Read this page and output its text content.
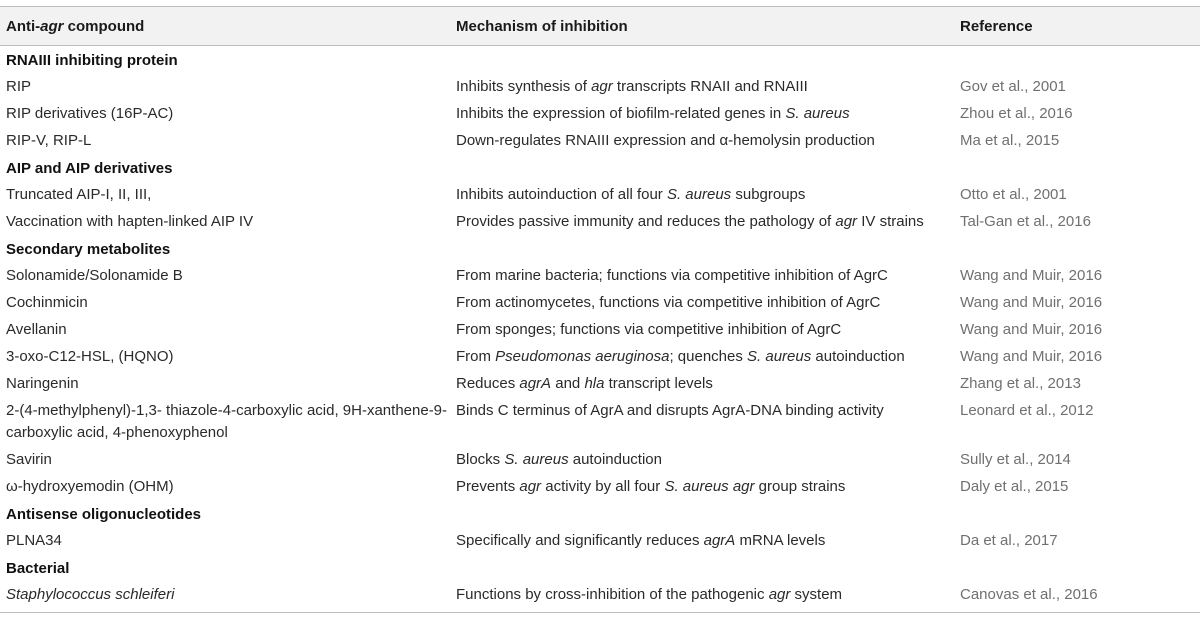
Anti-agr compound	Mechanism of inhibition	Reference
RNAIII inhibiting protein		
RIP	Inhibits synthesis of agr transcripts RNAII and RNAIII	Gov et al., 2001
RIP derivatives (16P-AC)	Inhibits the expression of biofilm-related genes in S. aureus	Zhou et al., 2016
RIP-V, RIP-L	Down-regulates RNAIII expression and α-hemolysin production	Ma et al., 2015
AIP and AIP derivatives		
Truncated AIP-I, II, III,	Inhibits autoinduction of all four S. aureus subgroups	Otto et al., 2001
Vaccination with hapten-linked AIP IV	Provides passive immunity and reduces the pathology of agr IV strains	Tal-Gan et al., 2016
Secondary metabolites		
Solonamide/Solonamide B	From marine bacteria; functions via competitive inhibition of AgrC	Wang and Muir, 2016
Cochinmicin	From actinomycetes, functions via competitive inhibition of AgrC	Wang and Muir, 2016
Avellanin	From sponges; functions via competitive inhibition of AgrC	Wang and Muir, 2016
3-oxo-C12-HSL, (HQNO)	From Pseudomonas aeruginosa; quenches S. aureus autoinduction	Wang and Muir, 2016
Naringenin	Reduces agrA and hla transcript levels	Zhang et al., 2013
2-(4-methylphenyl)-1,3- thiazole-4-carboxylic acid, 9H-xanthene-9-carboxylic acid, 4-phenoxyphenol	Binds C terminus of AgrA and disrupts AgrA-DNA binding activity	Leonard et al., 2012
Savirin	Blocks S. aureus autoinduction	Sully et al., 2014
ω-hydroxyemodin (OHM)	Prevents agr activity by all four S. aureus agr group strains	Daly et al., 2015
Antisense oligonucleotides		
PLNA34	Specifically and significantly reduces agrA mRNA levels	Da et al., 2017
Bacterial		
Staphylococcus schleiferi	Functions by cross-inhibition of the pathogenic agr system	Canovas et al., 2016
